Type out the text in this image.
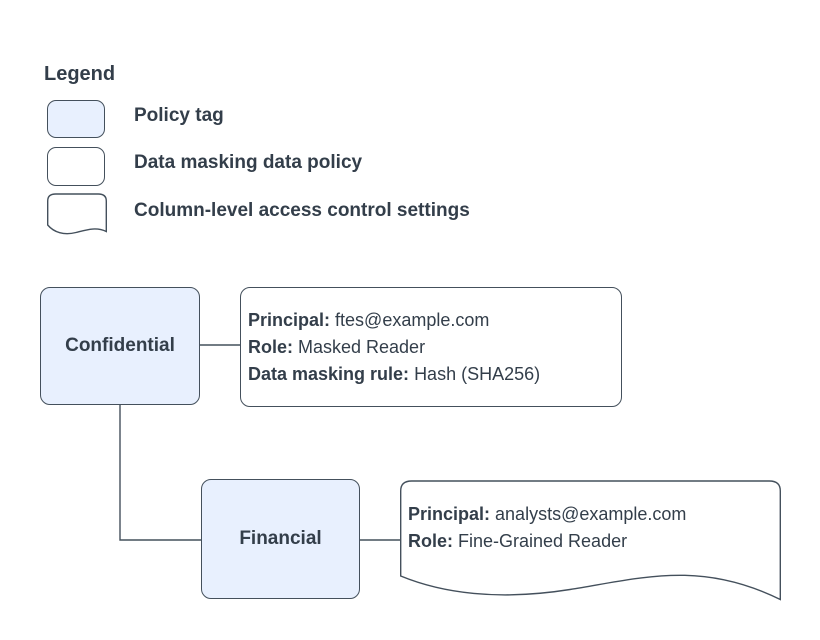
Legend
Policy tag
Data masking data policy
Column-level access control settings
Confidential
Principal: ftes@example.com
Role: Masked Reader
Data masking rule: Hash (SHA256)
Financial
Principal: analysts@example.com
Role: Fine-Grained Reader
